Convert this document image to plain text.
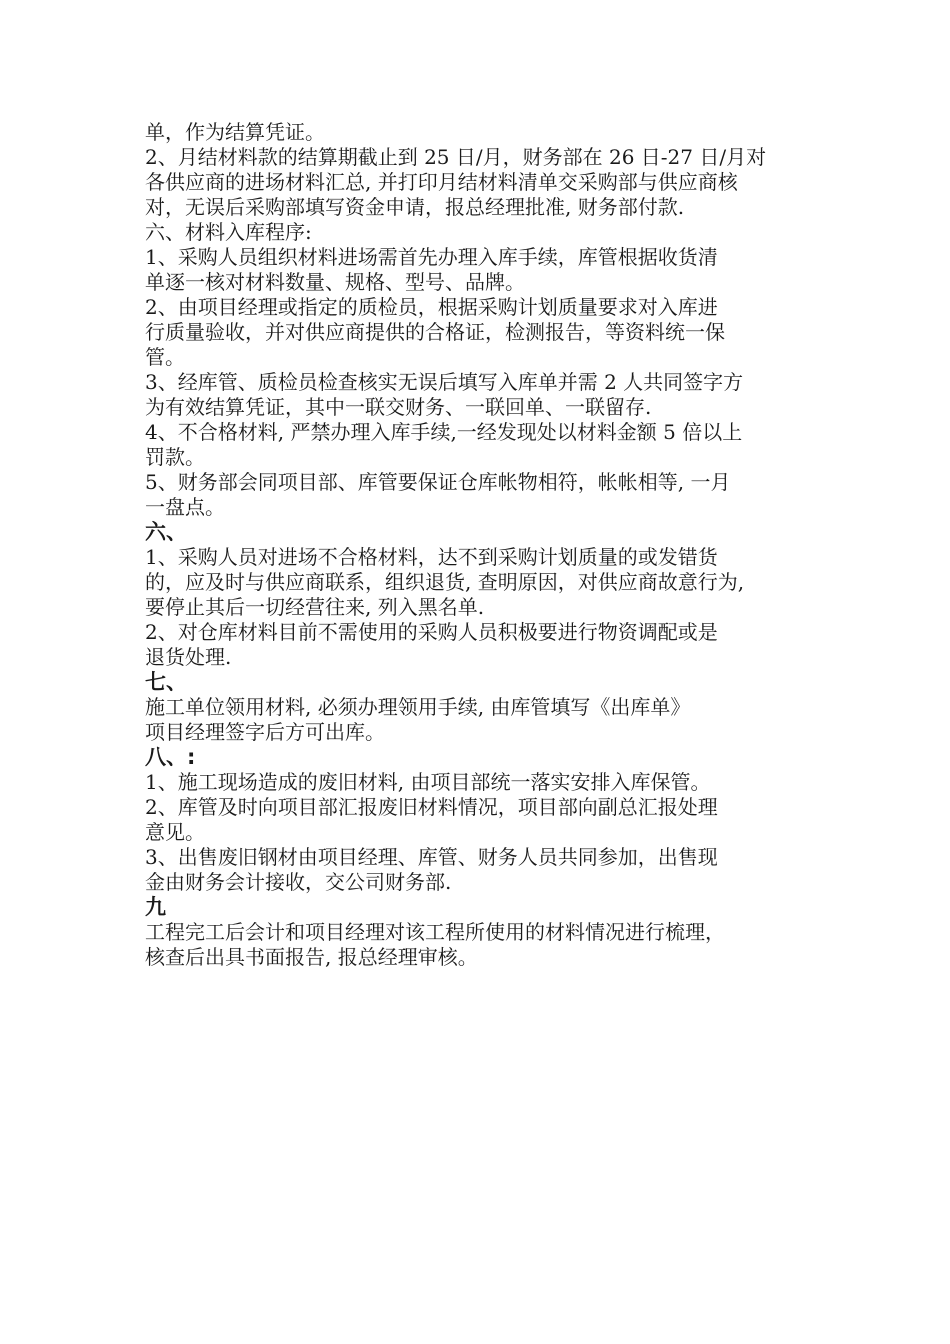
单，作为结算凭证。
2、月结材料款的结算期截止到 25 日/月，财务部在 26 日-27 日/月对
各供应商的进场材料汇总, 并打印月结材料清单交采购部与供应商核
对，无误后采购部填写资金申请，报总经理批准, 财务部付款.
六、材料入库程序:
1、采购人员组织材料进场需首先办理入库手续，库管根据收货清
单逐一核对材料数量、规格、型号、品牌。
2、由项目经理或指定的质检员，根据采购计划质量要求对入库进
行质量验收，并对供应商提供的合格证，检测报告，等资料统一保
管。
3、经库管、质检员检查核实无误后填写入库单并需 2 人共同签字方
为有效结算凭证，其中一联交财务、一联回单、一联留存.
4、不合格材料, 严禁办理入库手续,一经发现处以材料金额 5 倍以上
罚款。
5、财务部会同项目部、库管要保证仓库帐物相符，帐帐相等, 一月
一盘点。
六、
1、采购人员对进场不合格材料，达不到采购计划质量的或发错货
的，应及时与供应商联系，组织退货, 查明原因，对供应商故意行为,
要停止其后一切经营往来, 列入黑名单.
2、对仓库材料目前不需使用的采购人员积极要进行物资调配或是
退货处理.
七、
施工单位领用材料, 必须办理领用手续, 由库管填写《出库单》
项目经理签字后方可出库。
八、:
1、施工现场造成的废旧材料, 由项目部统一落实安排入库保管。
2、库管及时向项目部汇报废旧材料情况，项目部向副总汇报处理
意见。
3、出售废旧钢材由项目经理、库管、财务人员共同参加，出售现
金由财务会计接收，交公司财务部.
九
工程完工后会计和项目经理对该工程所使用的材料情况进行梳理，
核查后出具书面报告, 报总经理审核。
